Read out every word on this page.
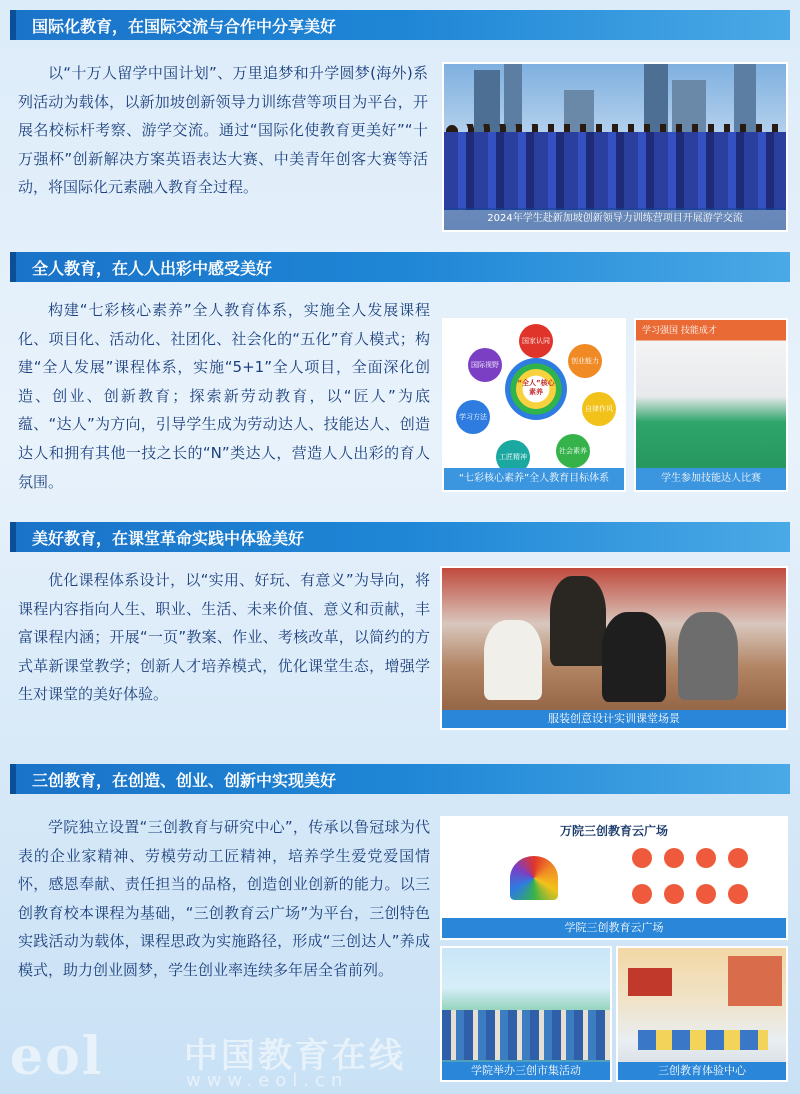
国际化教育，在国际交流与合作中分享美好

以“十万人留学中国计划”、万里追梦和升学圆梦(海外)系列活动为载体，以新加坡创新领导力训练营等项目为平台，开展名校标杆考察、游学交流。通过“国际化使教育更美好”“十万强杯”创新解决方案英语表达大赛、中美青年创客大赛等活动，将国际化元素融入教育全过程。

2024年学生赴新加坡创新领导力训练营项目开展游学交流
全人教育，在人人出彩中感受美好

构建“七彩核心素养”全人教育体系，实施全人发展课程化、项目化、活动化、社团化、社会化的“五化”育人模式；构建“全人发展”课程体系，实施“5+1”全人项目，全面深化创造、创业、创新教育；探索新劳动教育，以“匠人”为底蕴、“达人”为方向，引导学生成为劳动达人、技能达人、创造达人和拥有其他一技之长的“N”类达人，营造人人出彩的育人氛围。

“全人”核心素养
国家认同
创业能力
自律作风
社会素养
工匠精神
学习方法
国际视野
“七彩核心素养”全人教育目标体系
学习强国 技能成才
学生参加技能达人比赛
美好教育，在课堂革命实践中体验美好

优化课程体系设计，以“实用、好玩、有意义”为导向，将课程内容指向人生、职业、生活、未来价值、意义和贡献，丰富课程内涵；开展“一页”教案、作业、考核改革，以简约的方式革新课堂教学；创新人才培养模式，优化课堂生态，增强学生对课堂的美好体验。

服装创意设计实训课堂场景
三创教育，在创造、创业、创新中实现美好

学院独立设置“三创教育与研究中心”，传承以鲁冠球为代表的企业家精神、劳模劳动工匠精神，培养学生爱党爱国情怀，感恩奉献、责任担当的品格，创造创业创新的能力。以三创教育校本课程为基础，“三创教育云广场”为平台，三创特色实践活动为载体，课程思政为实施路径，形成“三创达人”养成模式，助力创业圆梦，学生创业率连续多年居全省前列。

万院三创教育云广场
学院三创教育云广场
学院举办三创市集活动	三创教育体验中心
eol 中国教育在线
www.eol.cn
